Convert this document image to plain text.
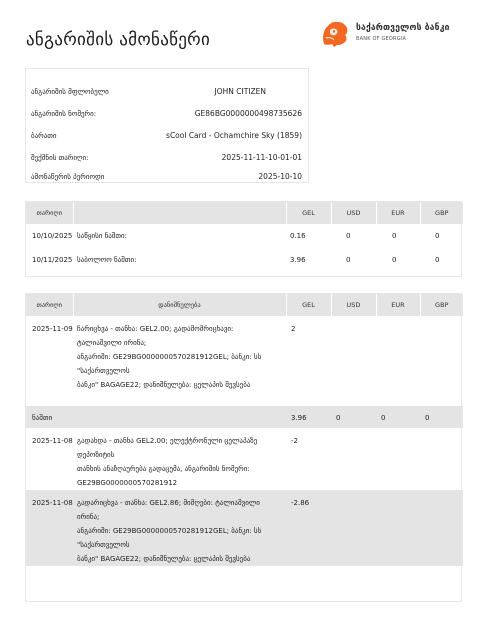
ანგარიშის ამონაწერი
საქართველოს ბანკი
BANK OF GEORGIA
ანგარიშის მფლობელი	JOHN CITIZEN
ანგარიშის ნომერი:	GE86BG0000000498735626
ბარათი	sCool Card - Ochamchire Sky (1859)
შექმნის თარიღი:	2025-11-11-10-01-01
ამონაწერის პერიოდი	2025-10-10
თარიღი		GEL	USD	EUR	GBP
10/10/2025	საწყისი ნაშთი:	0.16	0	0	0
10/11/2025	საბოლოო ნაშთი:	3.96	0	0	0
თარიღი	დანიშნულება	GEL	USD	EUR	GBP
2025-11-09	ჩარიცხვა - თანხა: GEL2.00; გადამომრიცხავი: ტალიაშვილი ირინა;
ანგარიში: GE29BG0000000570281912GEL; ბანკი: სს "საქართველოს
ბანკი" BAGAGE22; დანიშნულება: ცელაპის შევსება	2			

ნაშთი		3.96	0	0	0
2025-11-08	გადახდა - თანხა GEL2.00; ელექტრონული ცელაპაზე დეპოზიტის
თანხის ანაზღაურება გადაცემა, ანგარიშის ნომერი:
GE29BG0000000570281912	-2			
2025-11-08	გადარიცხვა - თანხა: GEL2.86; მიმღები: ტალიაშვილი ირინა;
ანგარიში: GE29BG0000000570281912GEL; ბანკი: სს "საქართველოს
ბანკი" BAGAGE22; დანიშნულება: ცელაპის შევსება	-2.86			
